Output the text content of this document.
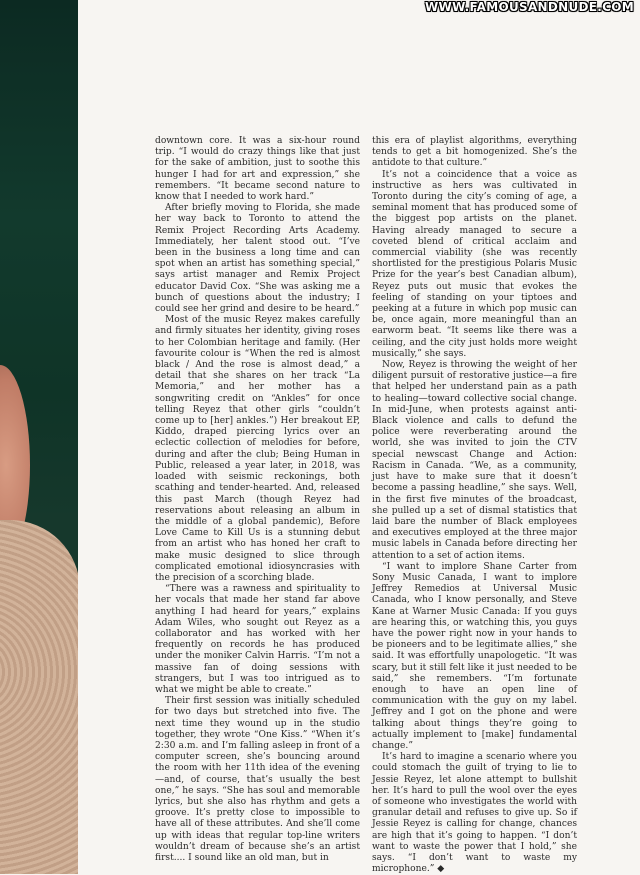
WWW.FAMOUSANDNUDE.COM

downtown core. It was a six-hour round trip. “I would do crazy things like that just for the sake of ambition, just to soothe this hunger I had for art and expression,” she remembers. “It became second nature to know that I needed to work hard.”

After briefly moving to Florida, she made her way back to Toronto to attend the Remix Project Recording Arts Academy. Immediately, her talent stood out. “I’ve been in the business a long time and can spot when an artist has something special,” says artist manager and Remix Project educator David Cox. “She was asking me a bunch of questions about the industry; I could see her grind and desire to be heard.”

Most of the music Reyez makes carefully and firmly situates her identity, giving roses to her Colombian heritage and family. (Her favourite colour is “When the red is almost black / And the rose is almost dead,” a detail that she shares on her track “La Memoria,” and her mother has a songwriting credit on “Ankles” for once telling Reyez that other girls “couldn’t come up to [her] ankles.”) Her breakout EP, Kiddo, draped piercing lyrics over an eclectic collection of melodies for before, during and after the club; Being Human in Public, released a year later, in 2018, was loaded with seismic reckonings, both scathing and tender-hearted. And, released this past March (though Reyez had reservations about releasing an album in the middle of a global pandemic), Before Love Came to Kill Us is a stunning debut from an artist who has honed her craft to make music designed to slice through complicated emotional idiosyncrasies with the precision of a scorching blade.

“There was a rawness and spirituality to her vocals that made her stand far above anything I had heard for years,” explains Adam Wiles, who sought out Reyez as a collaborator and has worked with her frequently on records he has produced under the moniker Calvin Harris. “I’m not a massive fan of doing sessions with strangers, but I was too intrigued as to what we might be able to create.”

Their first session was initially scheduled for two days but stretched into five. The next time they wound up in the studio together, they wrote “One Kiss.” “When it’s 2:30 a.m. and I’m falling asleep in front of a computer screen, she’s bouncing around the room with her 11th idea of the evening—and, of course, that’s usually the best one,” he says. “She has soul and memorable lyrics, but she also has rhythm and gets a groove. It’s pretty close to impossible to have all of these attributes. And she’ll come up with ideas that regular top-line writers wouldn’t dream of because she’s an artist first.... I sound like an old man, but in

this era of playlist algorithms, everything tends to get a bit homogenized. She’s the antidote to that culture.”

It’s not a coincidence that a voice as instructive as hers was cultivated in Toronto during the city’s coming of age, a seminal moment that has produced some of the biggest pop artists on the planet. Having already managed to secure a coveted blend of critical acclaim and commercial viability (she was recently shortlisted for the prestigious Polaris Music Prize for the year’s best Canadian album), Reyez puts out music that evokes the feeling of standing on your tiptoes and peeking at a future in which pop music can be, once again, more meaningful than an earworm beat. “It seems like there was a ceiling, and the city just holds more weight musically,” she says.

Now, Reyez is throwing the weight of her diligent pursuit of restorative justice—a fire that helped her understand pain as a path to healing—toward collective social change. In mid-June, when protests against anti-Black violence and calls to defund the police were reverberating around the world, she was invited to join the CTV special newscast Change and Action: Racism in Canada. “We, as a community, just have to make sure that it doesn’t become a passing headline,” she says. Well, in the first five minutes of the broadcast, she pulled up a set of dismal statistics that laid bare the number of Black employees and executives employed at the three major music labels in Canada before directing her attention to a set of action items.

“I want to implore Shane Carter from Sony Music Canada, I want to implore Jeffrey Remedios at Universal Music Canada, who I know personally, and Steve Kane at Warner Music Canada: If you guys are hearing this, or watching this, you guys have the power right now in your hands to be pioneers and to be legitimate allies,” she said. It was effortfully unapologetic. “It was scary, but it still felt like it just needed to be said,” she remembers. “I’m fortunate enough to have an open line of communication with the guy on my label. Jeffrey and I got on the phone and were talking about things they’re going to actually implement to [make] fundamental change.”

It’s hard to imagine a scenario where you could stomach the guilt of trying to lie to Jessie Reyez, let alone attempt to bullshit her. It’s hard to pull the wool over the eyes of someone who investigates the world with granular detail and refuses to give up. So if Jessie Reyez is calling for change, chances are high that it’s going to happen. “I don’t want to waste the power that I hold,” she says. “I don’t want to waste my microphone.” ◆
